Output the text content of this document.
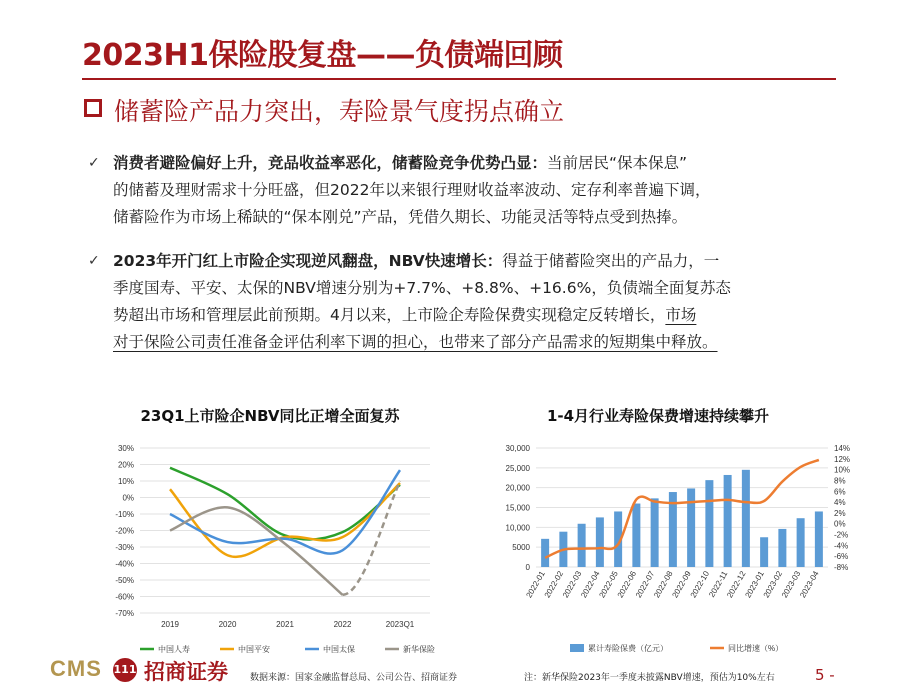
2023H1保险股复盘——负债端回顾
储蓄险产品力突出，寿险景气度拐点确立
✓ 消费者避险偏好上升，竞品收益率恶化，储蓄险竞争优势凸显：当前居民“保本保息”
的储蓄及理财需求十分旺盛，但2022年以来银行理财收益率波动、定存利率普遍下调，
储蓄险作为市场上稀缺的“保本刚兑”产品，凭借久期长、功能灵活等特点受到热捧。
✓ 2023年开门红上市险企实现逆风翻盘，NBV快速增长：得益于储蓄险突出的产品力，一
季度国寿、平安、太保的NBV增速分别为+7.7%、+8.8%、+16.6%，负债端全面复苏态
势超出市场和管理层此前预期。4月以来，上市险企寿险保费实现稳定反转增长，市场
对于保险公司责任准备金评估利率下调的担心，也带来了部分产品需求的短期集中释放。
23Q1上市险企NBV同比正增全面复苏	1-4月行业寿险保费增速持续攀升
30%
20%
10%
0%
-10%
-20%
-30%
-40%
-50%
-60%
-70%
2019	2020	2021	2022	2023Q1
中国人寿	中国平安	中国太保	新华保险
30,000
25,000
20,000
15,000
10,000
5000
0
14%
12%
10%
8%
6%
4%
2%
0%
-2%
-4%
-6%
-8%
2022-01
2022-02
2022-03
2022-04
2022-05
2022-06
2022-07
2022-08
2022-09
2022-10
2022-11
2022-12
2023-01
2023-02
2023-03
2023-04
累计寿险保费（亿元）	同比增速（%）
CMS 111 招商证券 数据来源：国家金融监督总局、公司公告、招商证券	注：新华保险2023年一季度未披露NBV增速，预估为10%左右	5 -
